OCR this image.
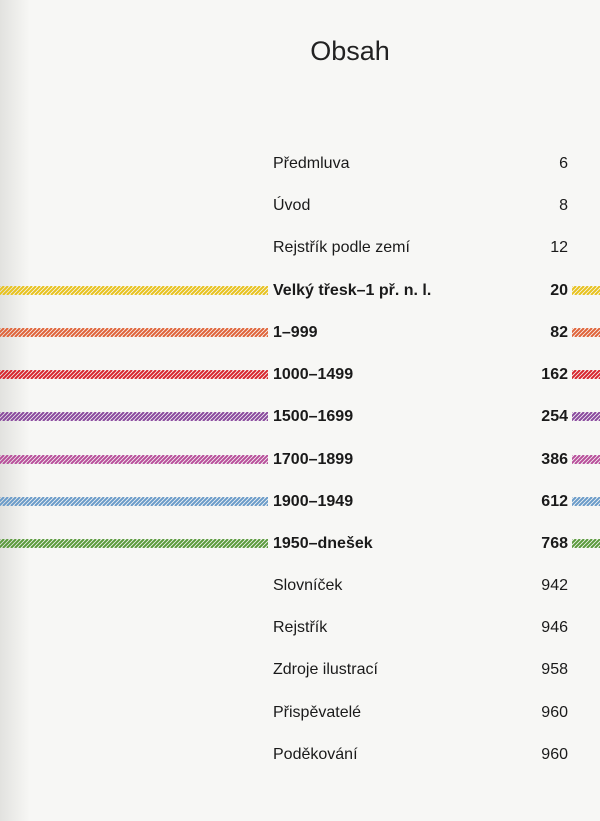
Obsah
Předmluva	6
Úvod	8
Rejstřík podle zemí	12
Velký třesk–1 př. n. l.	20
1–999	82
1000–1499	162
1500–1699	254
1700–1899	386
1900–1949	612
1950–dnešek	768
Slovníček	942
Rejstřík	946
Zdroje ilustrací	958
Přispěvatelé	960
Poděkování	960
